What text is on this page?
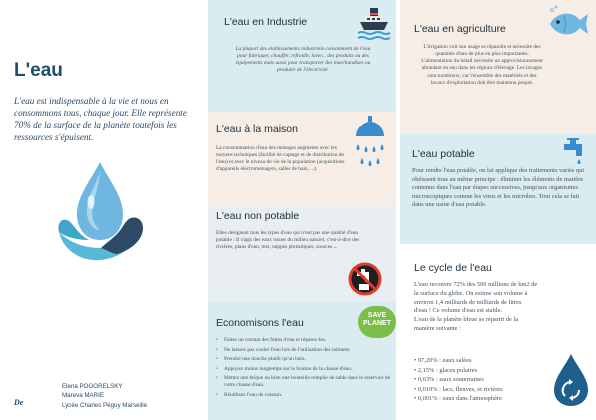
L'eau

L'eau est indispensable à la vie et nous en consommons tous, chaque jour. Elle représente 70% de la surface de la planète toutefois les ressources s'épuisent.

Elena POGORELSKY
Mareva MARIE
Lycée Charles Péguy Marseille
De
L'eau en Industrie

La plupart des établissements industriels consomment de l'eau pour fabriquer, chauffer, refroidir, laver... des produits ou des équipements mais aussi pour transporter des marchandises ou produire de l'électricité.

L'eau à la maison

La consommation d'eau des ménages augmente avec les moyens techniques (facilité de captage et de distribution de l'eau) et avec le niveau de vie de la population (acquisitions d'appareils électroménagers, salles de bain, ...).

L'eau non potable

Elles désignent tous les types d'eau qui n'ont pas une qualité d'eau potable : Il s'agit des eaux issues du milieu naturel, c'est-à-dire des rivières, plans d'eau, mer, nappes phréatiques, sources ...

Economisons l'eau
SAVE PLANET
• Faites un constat des fuites d'eau et réparez-les.
• Ne laissez pas couler l'eau lors de l'utilisation des robinets.
• Prendre une douche plutôt qu'un bain.
• Appuyez moins longtemps sur le bouton de la chasse d'eau.
• Mettez une brique ou bien une bouteille remplie de sable dans le réservoir de votre chasse d'eau.
• Réutilisez l'eau de cuisson.
L'eau en agriculture

L'irrigation voit son usage se répandre et nécessite des quantités d'eau de plus en plus importantes. L'alimentation du bétail nécessite un approvisionnement abondant en eau dans les régions d'élevage. Les lavages sont nombreux, car l'ensemble des matériels et des locaux d'exploitation doit être maintenu propre.

L'eau potable

Pour rendre l'eau potable, on lui applique des traitements variés qui obéissent tous au même principe : éliminer les éléments de matière contenus dans l'eau par étapes successives, jusqu'aux organismes microscopiques comme les virus et les microbes. Tout cela se fait dans une usine d'eau potable.

Le cycle de l'eau
L'eau recouvre 72% des 509 millions de km2 de
la surface du globe. On estime son volume à
environ 1,4 milliards de milliards de litres
d'eau ! Ce volume d'eau est stable.
L'eau de la planète bleue se répartit de la
manière suivante :
• 97,20% : eaux salées
• 2,15% : glaces polaires
• 0,63% : eaux souterraines
• 0,019% : lacs, fleuves, et rivières
• 0,001% : eaux dans l'atmosphère
